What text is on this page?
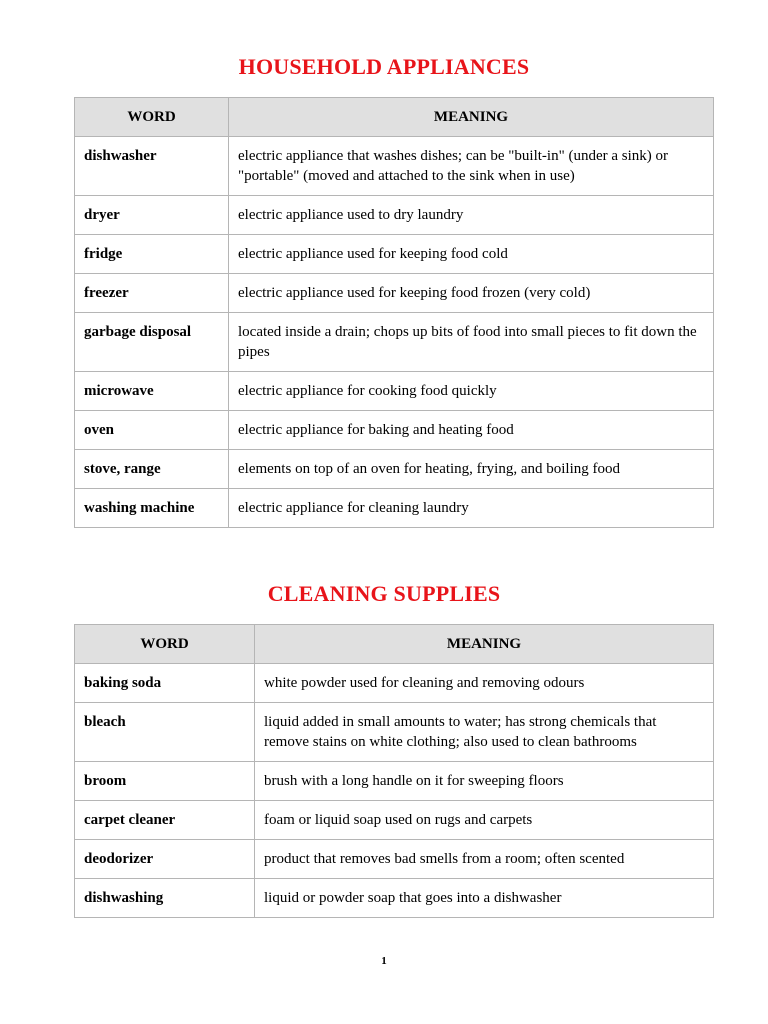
HOUSEHOLD APPLIANCES
WORD	MEANING
dishwasher	electric appliance that washes dishes; can be "built-in" (under a sink) or "portable" (moved and attached to the sink when in use)
dryer	electric appliance used to dry laundry
fridge	electric appliance used for keeping food cold
freezer	electric appliance used for keeping food frozen (very cold)
garbage disposal	located inside a drain; chops up bits of food into small pieces to fit down the pipes
microwave	electric appliance for cooking food quickly
oven	electric appliance for baking and heating food
stove, range	elements on top of an oven for heating, frying, and boiling food
washing machine	electric appliance for cleaning laundry
CLEANING SUPPLIES
WORD	MEANING
baking soda	white powder used for cleaning and removing odours
bleach	liquid added in small amounts to water; has strong chemicals that remove stains on white clothing; also used to clean bathrooms
broom	brush with a long handle on it for sweeping floors
carpet cleaner	foam or liquid soap used on rugs and carpets
deodorizer	product that removes bad smells from a room; often scented
dishwashing	liquid or powder soap that goes into a dishwasher
1
